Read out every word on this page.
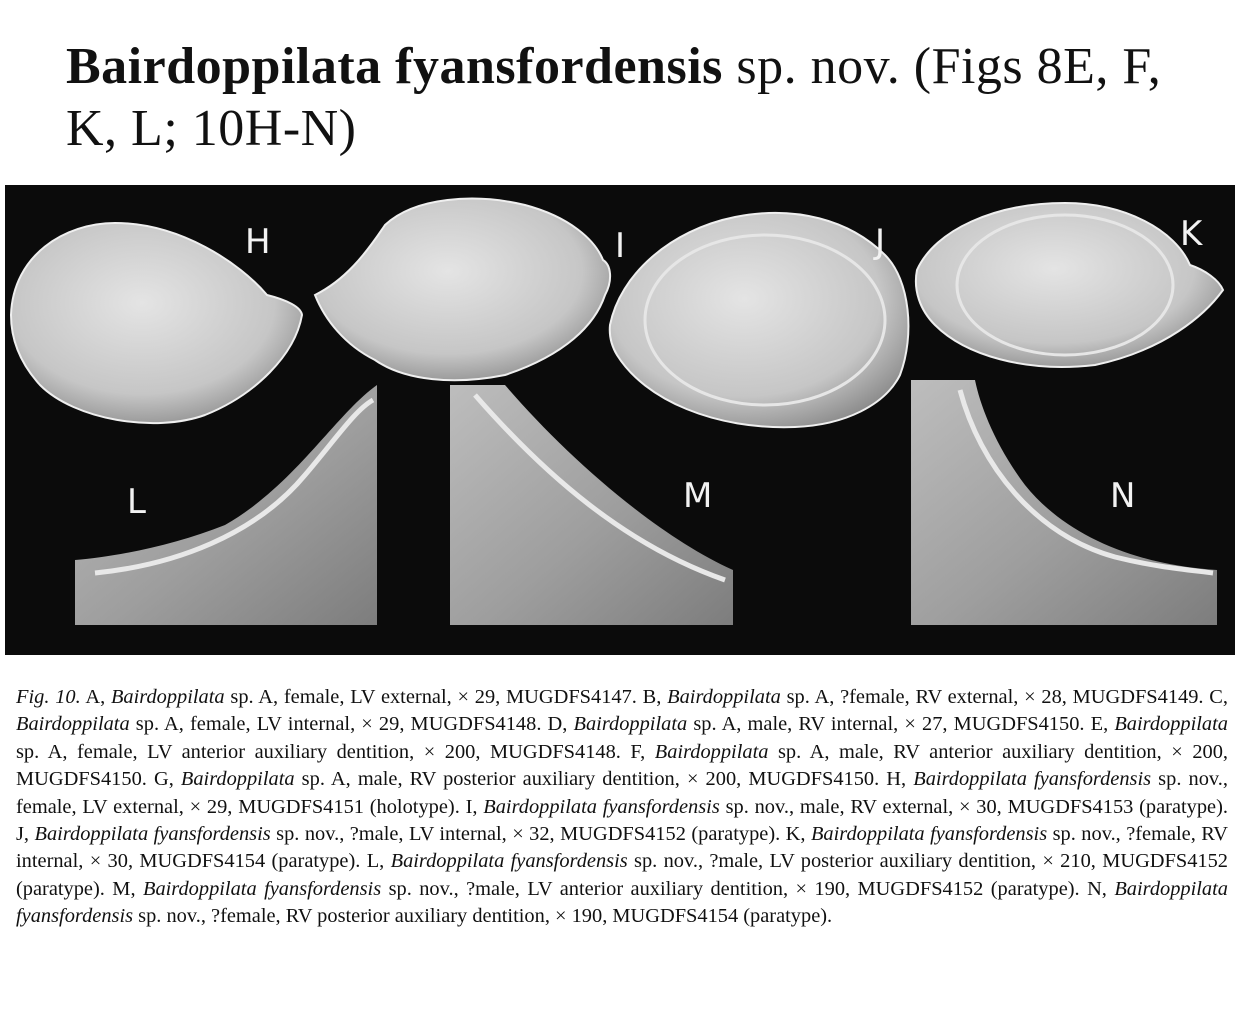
Bairdoppilata fyansfordensis sp. nov. (Figs 8E, F, K, L; 10H-N)
H	I	J	K
L	M	N

Fig. 10. A, Bairdoppilata sp. A, female, LV external, × 29, MUGDFS4147. B, Bairdoppilata sp. A, ?female, RV external, × 28, MUGDFS4149. C, Bairdoppilata sp. A, female, LV internal, × 29, MUGDFS4148. D, Bairdoppilata sp. A, male, RV internal, × 27, MUGDFS4150. E, Bairdoppilata sp. A, female, LV anterior auxiliary dentition, × 200, MUGDFS4148. F, Bairdoppilata sp. A, male, RV anterior auxiliary dentition, × 200, MUGDFS4150. G, Bairdoppilata sp. A, male, RV posterior auxiliary dentition, × 200, MUGDFS4150. H, Bairdoppilata fyansfordensis sp. nov., female, LV external, × 29, MUGDFS4151 (holotype). I, Bairdoppilata fyansfordensis sp. nov., male, RV external, × 30, MUGDFS4153 (paratype). J, Bairdoppilata fyansfordensis sp. nov., ?male, LV internal, × 32, MUGDFS4152 (paratype). K, Bairdoppilata fyansfordensis sp. nov., ?female, RV internal, × 30, MUGDFS4154 (paratype). L, Bairdoppilata fyansfordensis sp. nov., ?male, LV posterior auxiliary dentition, × 210, MUGDFS4152 (paratype). M, Bairdoppilata fyansfordensis sp. nov., ?male, LV anterior auxiliary dentition, × 190, MUGDFS4152 (paratype). N, Bairdoppilata fyansfordensis sp. nov., ?female, RV posterior auxiliary dentition, × 190, MUGDFS4154 (paratype).
